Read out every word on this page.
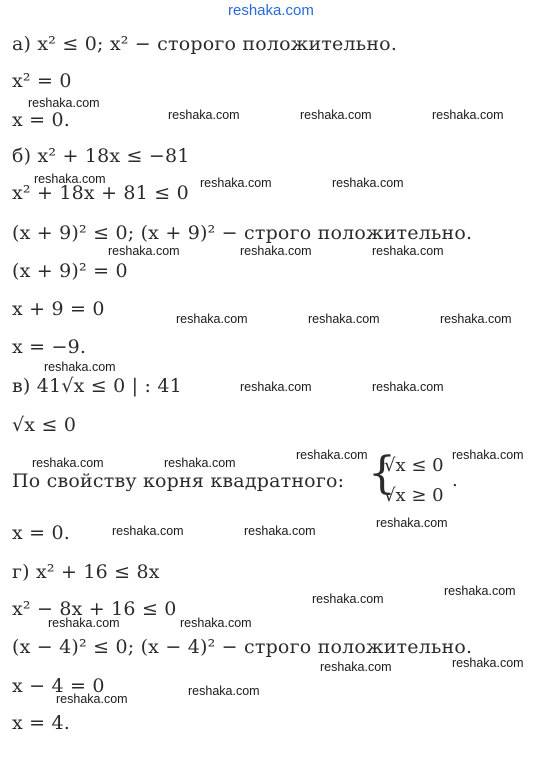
reshaka.com
а) x² ≤ 0; x² − сторого положительно.
x² = 0
x = 0.
б) x² + 18x ≤ −81
x² + 18x + 81 ≤ 0
(x + 9)² ≤ 0; (x + 9)² − строго положительно.
(x + 9)² = 0
x + 9 = 0
x = −9.
в) 41√x ≤ 0 | : 41
√x ≤ 0
По свойству корня квадратного:
x = 0.
г) x² + 16 ≤ 8x
x² − 8x + 16 ≤ 0
(x − 4)² ≤ 0; (x − 4)² − строго положительно.
x − 4 = 0
x = 4.
{
√x ≤ 0
√x ≥ 0
.
reshaka.com
reshaka.com	reshaka.com	reshaka.com
reshaka.com	reshaka.com	reshaka.com
reshaka.com	reshaka.com	reshaka.com
reshaka.com	reshaka.com	reshaka.com
reshaka.com
reshaka.com	reshaka.com
reshaka.com	reshaka.com
reshaka.com	reshaka.com
reshaka.com
reshaka.com	reshaka.com
reshaka.com
reshaka.com
reshaka.com	reshaka.com
reshaka.com
reshaka.com
reshaka.com
reshaka.com
